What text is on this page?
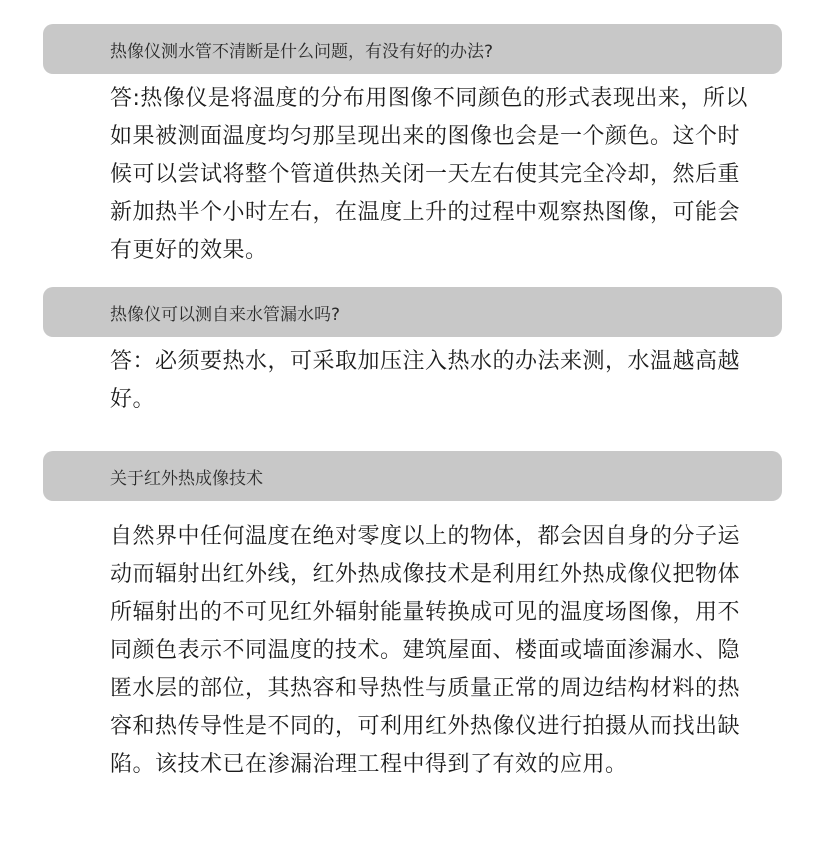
热像仪测水管不清断是什么问题，有没有好的办法?
答:热像仪是将温度的分布用图像不同颜色的形式表现出来，所以如果被测面温度均匀那呈现出来的图像也会是一个颜色。这个时候可以尝试将整个管道供热关闭一天左右使其完全冷却，然后重新加热半个小时左右，在温度上升的过程中观察热图像，可能会有更好的效果。
热像仪可以测自来水管漏水吗?
答：必须要热水，可采取加压注入热水的办法来测，水温越高越好。
关于红外热成像技术
自然界中任何温度在绝对零度以上的物体，都会因自身的分子运动而辐射出红外线，红外热成像技术是利用红外热成像仪把物体所辐射出的不可见红外辐射能量转换成可见的温度场图像，用不同颜色表示不同温度的技术。建筑屋面、楼面或墙面渗漏水、隐匿水层的部位，其热容和导热性与质量正常的周边结构材料的热容和热传导性是不同的，可利用红外热像仪进行拍摄从而找出缺陷。该技术已在渗漏治理工程中得到了有效的应用。
